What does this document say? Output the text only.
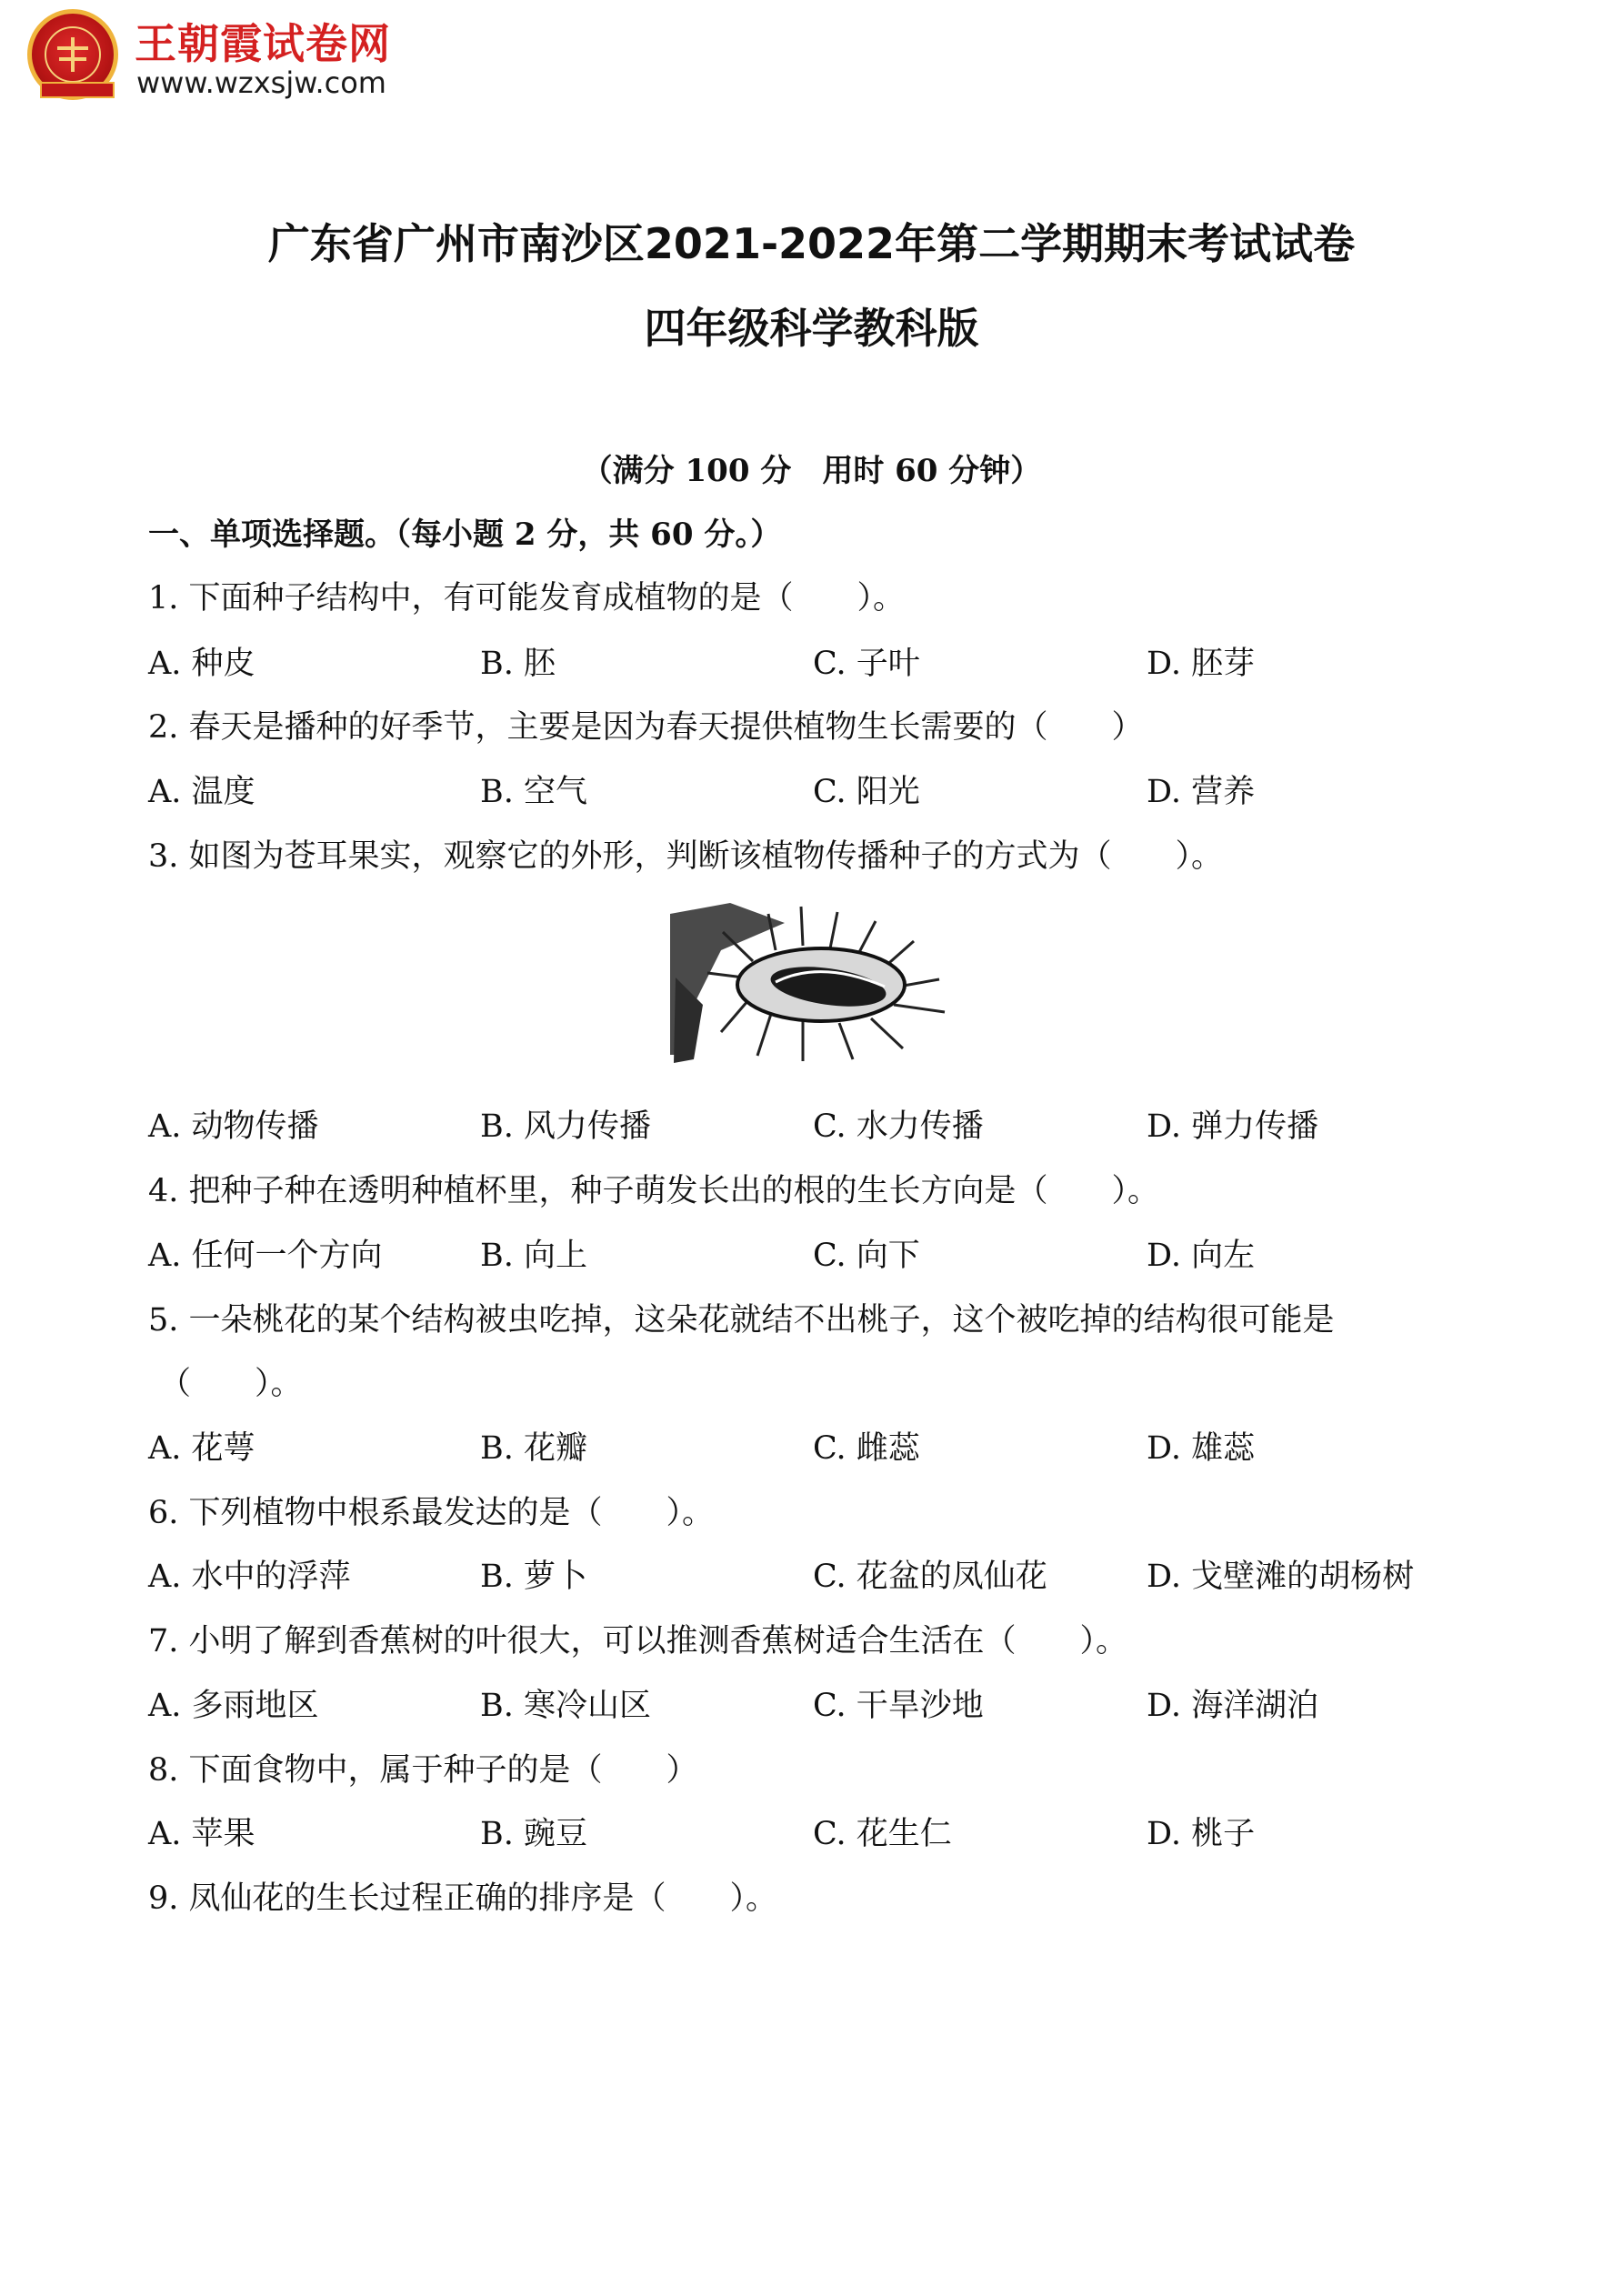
王朝霞试卷网
www.wzxsjw.com
广东省广州市南沙区2021-2022年第二学期期末考试试卷
四年级科学教科版
（满分 100 分　用时 60 分钟）
一、单项选择题。（每小题 2 分，共 60 分。）
1. 下面种子结构中，有可能发育成植物的是（　　）。
A. 种皮	B. 胚	C. 子叶	D. 胚芽
2. 春天是播种的好季节，主要是因为春天提供植物生长需要的（　　）
A. 温度	B. 空气	C. 阳光	D. 营养
3. 如图为苍耳果实，观察它的外形，判断该植物传播种子的方式为（　　）。
A. 动物传播	B. 风力传播	C. 水力传播	D. 弹力传播
4. 把种子种在透明种植杯里，种子萌发长出的根的生长方向是（　　）。
A. 任何一个方向	B. 向上	C. 向下	D. 向左
5. 一朵桃花的某个结构被虫吃掉，这朵花就结不出桃子，这个被吃掉的结构很可能是
（　　）。
A. 花萼	B. 花瓣	C. 雌蕊	D. 雄蕊
6. 下列植物中根系最发达的是（　　）。
A. 水中的浮萍	B. 萝卜	C. 花盆的凤仙花	D. 戈壁滩的胡杨树
7. 小明了解到香蕉树的叶很大，可以推测香蕉树适合生活在（　　）。
A. 多雨地区	B. 寒冷山区	C. 干旱沙地	D. 海洋湖泊
8. 下面食物中，属于种子的是（　　）
A. 苹果	B. 豌豆	C. 花生仁	D. 桃子
9. 凤仙花的生长过程正确的排序是（　　）。
